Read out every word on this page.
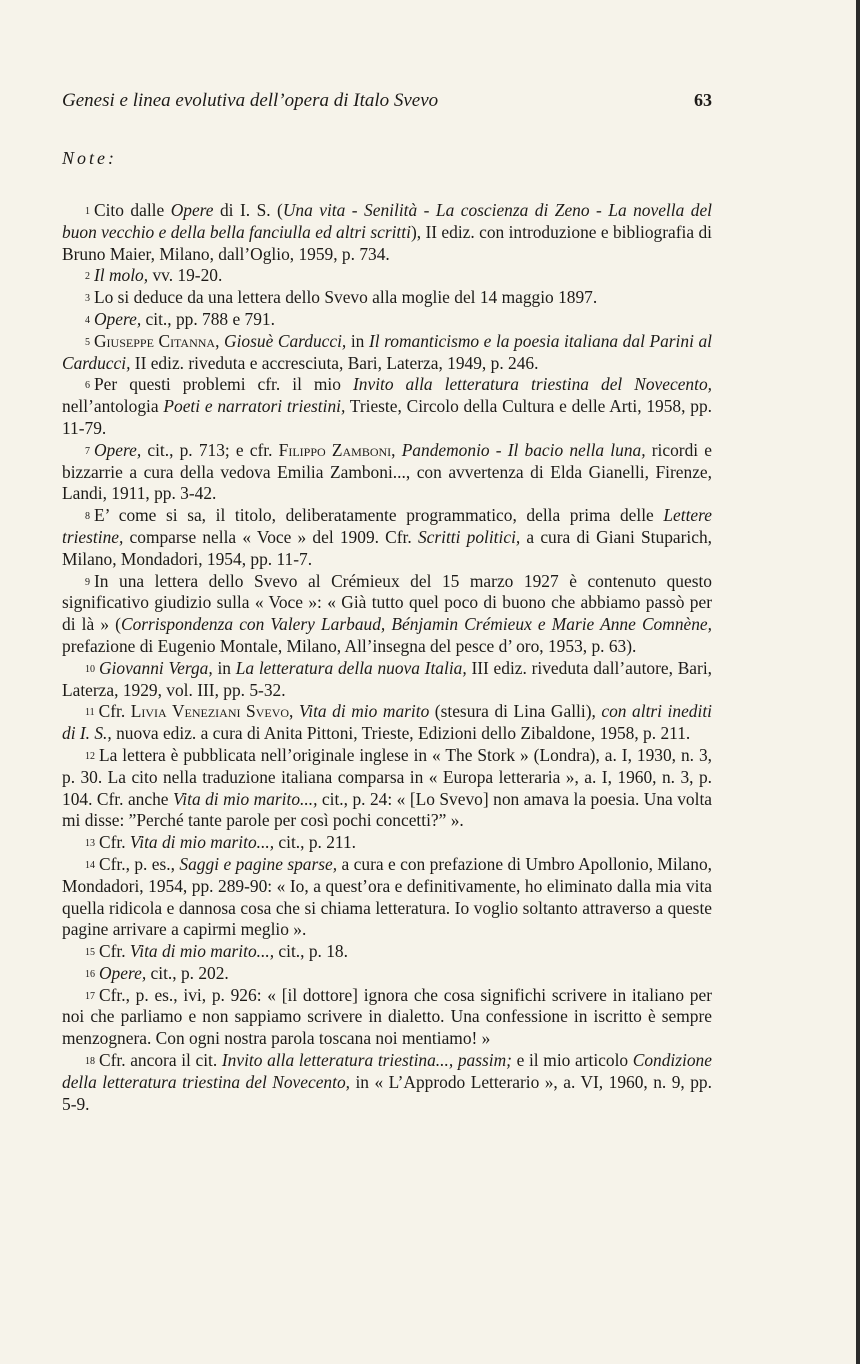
Genesi e linea evolutiva dell’opera di Italo Svevo	63
Note:

$^1$ Cito dalle Opere di I. S. (Una vita - Senilità - La coscienza di Zeno - La novella del buon vecchio e della bella fanciulla ed altri scritti), II ediz. con introduzione e bibliografia di Bruno Maier, Milano, dall’Oglio, 1959, p. 734.

$^2$ Il molo, vv. 19-20.

$^3$ Lo si deduce da una lettera dello Svevo alla moglie del 14 maggio 1897.

$^4$ Opere, cit., pp. 788 e 791.

$^5$ Giuseppe Citanna, Giosuè Carducci, in Il romanticismo e la poesia italiana dal Parini al Carducci, II ediz. riveduta e accresciuta, Bari, Laterza, 1949, p. 246.

$^6$ Per questi problemi cfr. il mio Invito alla letteratura triestina del Novecento, nell’antologia Poeti e narratori triestini, Trieste, Circolo della Cultura e delle Arti, 1958, pp. 11-79.

$^7$ Opere, cit., p. 713; e cfr. Filippo Zamboni, Pandemonio - Il bacio nella luna, ricordi e bizzarrie a cura della vedova Emilia Zamboni..., con avvertenza di Elda Gianelli, Firenze, Landi, 1911, pp. 3-42.

$^8$ E’ come si sa, il titolo, deliberatamente programmatico, della prima delle Lettere triestine, comparse nella « Voce » del 1909. Cfr. Scritti politici, a cura di Giani Stuparich, Milano, Mondadori, 1954, pp. 11-7.

$^9$ In una lettera dello Svevo al Crémieux del 15 marzo 1927 è contenuto questo significativo giudizio sulla « Voce »: « Già tutto quel poco di buono che abbiamo passò per di là » (Corrispondenza con Valery Larbaud, Bénjamin Crémieux e Marie Anne Comnène, prefazione di Eugenio Montale, Milano, All’insegna del pesce d’ oro, 1953, p. 63).

$^{10}$ Giovanni Verga, in La letteratura della nuova Italia, III ediz. riveduta dall’autore, Bari, Laterza, 1929, vol. III, pp. 5-32.

$^{11}$ Cfr. Livia Veneziani Svevo, Vita di mio marito (stesura di Lina Galli), con altri inediti di I. S., nuova ediz. a cura di Anita Pittoni, Trieste, Edizioni dello Zibaldone, 1958, p. 211.

$^{12}$ La lettera è pubblicata nell’originale inglese in « The Stork » (Londra), a. I, 1930, n. 3, p. 30. La cito nella traduzione italiana comparsa in « Europa letteraria », a. I, 1960, n. 3, p. 104. Cfr. anche Vita di mio marito..., cit., p. 24: « [Lo Svevo] non amava la poesia. Una volta mi disse: ”Perché tante parole per così pochi concetti?” ».

$^{13}$ Cfr. Vita di mio marito..., cit., p. 211.

$^{14}$ Cfr., p. es., Saggi e pagine sparse, a cura e con prefazione di Umbro Apollonio, Milano, Mondadori, 1954, pp. 289-90: « Io, a quest’ora e definitivamente, ho eliminato dalla mia vita quella ridicola e dannosa cosa che si chiama letteratura. Io voglio soltanto attraverso a queste pagine arrivare a capirmi meglio ».

$^{15}$ Cfr. Vita di mio marito..., cit., p. 18.

$^{16}$ Opere, cit., p. 202.

$^{17}$ Cfr., p. es., ivi, p. 926: « [il dottore] ignora che cosa significhi scrivere in italiano per noi che parliamo e non sappiamo scrivere in dialetto. Una confessione in iscritto è sempre menzognera. Con ogni nostra parola toscana noi mentiamo! »

$^{18}$ Cfr. ancora il cit. Invito alla letteratura triestina..., passim; e il mio articolo Condizione della letteratura triestina del Novecento, in « L’Approdo Letterario », a. VI, 1960, n. 9, pp. 5-9.
